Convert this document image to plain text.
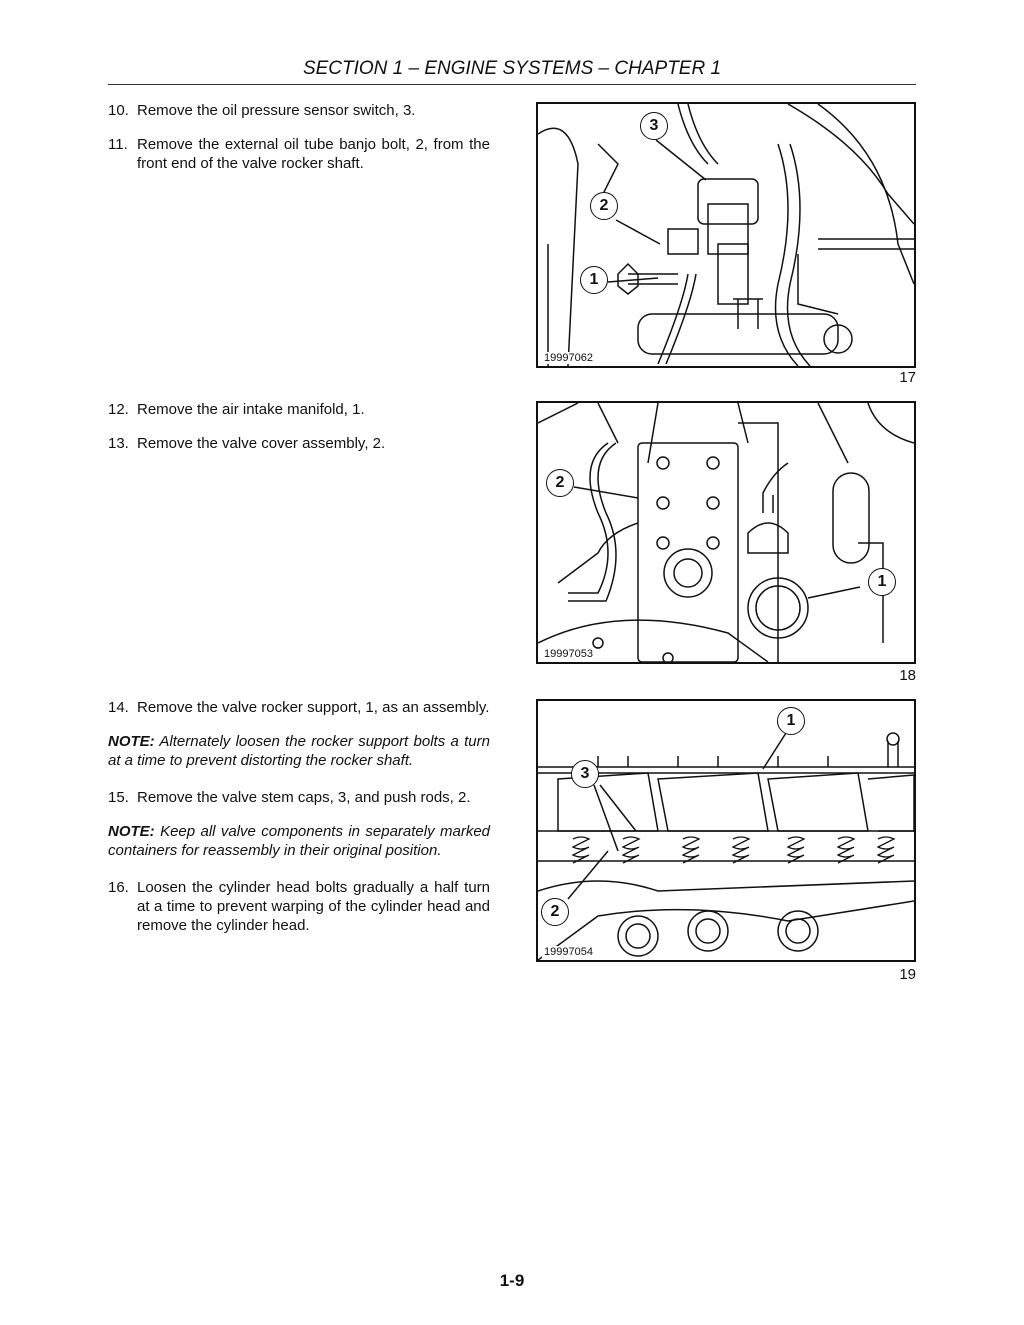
SECTION 1 – ENGINE SYSTEMS – CHAPTER 1
10. Remove the oil pressure sensor switch, 3.
11. Remove the external oil tube banjo bolt, 2, from the front end of the valve rocker shaft.
19997062
3
2
1
17
12. Remove the air intake manifold, 1.
13. Remove the valve cover assembly, 2.
19997053
2
1
18
14. Remove the valve rocker support, 1, as an assembly.
NOTE: Alternately loosen the rocker support bolts a turn at a time to prevent distorting the rocker shaft.
15. Remove the valve stem caps, 3, and push rods, 2.
NOTE: Keep all valve components in separately marked containers for reassembly in their original position.
16. Loosen the cylinder head bolts gradually a half turn at a time to prevent warping of the cylinder head and remove the cylinder head.
19997054
1
3
2
19
1-9
